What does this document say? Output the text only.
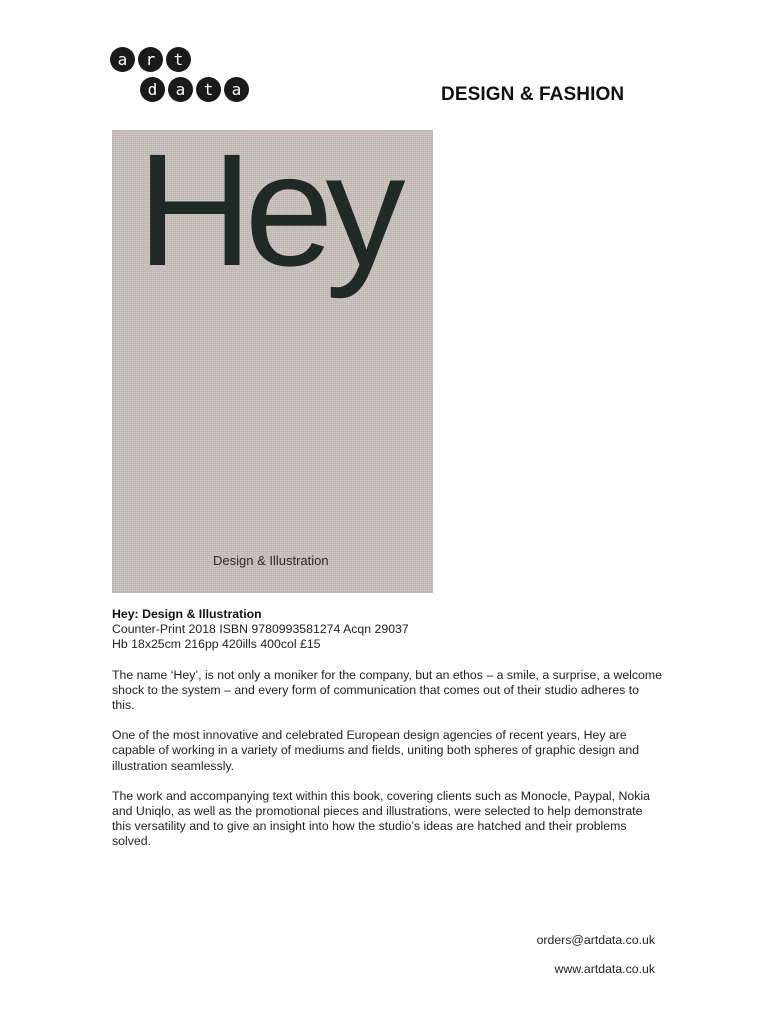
a	r	t
d	a	t	a	DESIGN & FASHION
Hey
Design & Illustration

Hey: Design & Illustration
Counter-Print 2018 ISBN 9780993581274 Acqn 29037
Hb 18x25cm 216pp 420ills 400col £15

The name ‘Hey’, is not only a moniker for the company, but an ethos – a smile, a surprise, a welcome shock to the system – and every form of communication that comes out of their studio adheres to this.

One of the most innovative and celebrated European design agencies of recent years, Hey are capable of working in a variety of mediums and fields, uniting both spheres of graphic design and illustration seamlessly.

The work and accompanying text within this book, covering clients such as Monocle, Paypal, Nokia and Uniqlo, as well as the promotional pieces and illustrations, were selected to help demonstrate this versatility and to give an insight into how the studio’s ideas are hatched and their problems solved.

orders@artdata.co.uk
www.artdata.co.uk
